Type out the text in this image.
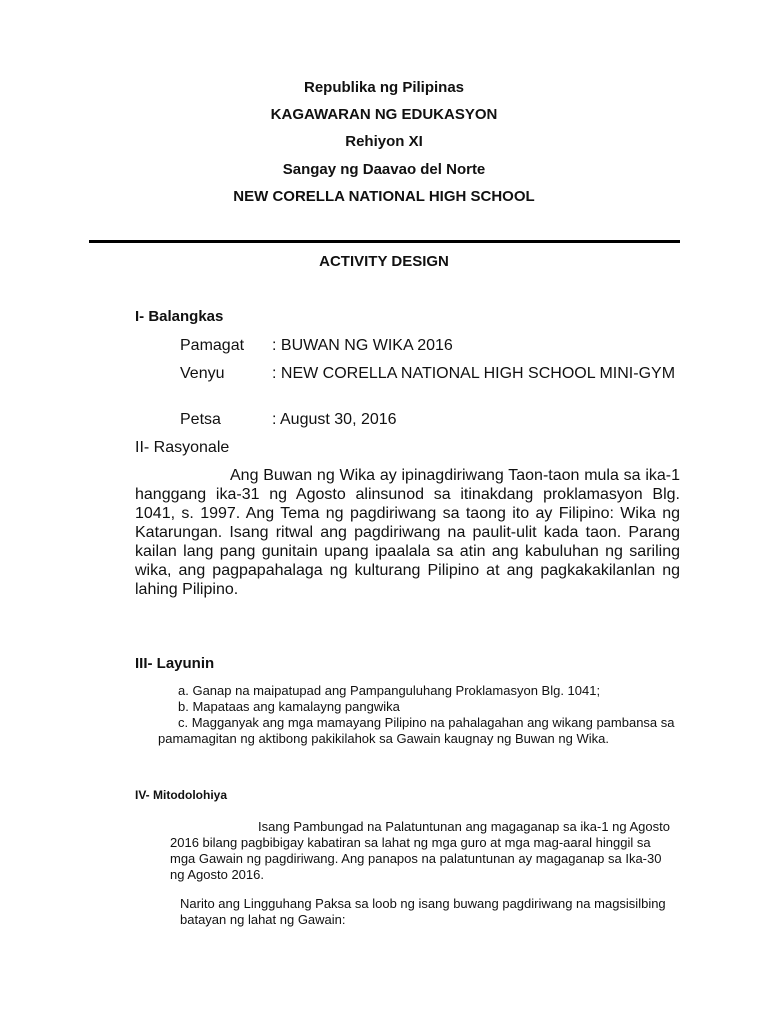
Republika ng Pilipinas
KAGAWARAN NG EDUKASYON
Rehiyon XI
Sangay ng Daavao del Norte
NEW CORELLA NATIONAL HIGH SCHOOL
ACTIVITY DESIGN
I- Balangkas
Pamagat : BUWAN NG WIKA 2016
Venyu	: NEW CORELLA NATIONAL HIGH SCHOOL MINI-GYM
Petsa	: August 30, 2016
II- Rasyonale
Ang Buwan ng Wika ay ipinagdiriwang Taon-taon mula sa ika-1 hanggang ika-31 ng Agosto alinsunod sa itinakdang proklamasyon Blg. 1041, s. 1997. Ang Tema ng pagdiriwang sa taong ito ay Filipino: Wika ng Katarungan. Isang ritwal ang pagdiriwang na paulit-ulit kada taon. Parang kailan lang pang gunitain upang ipaalala sa atin ang kabuluhan ng sariling wika, ang pagpapahalaga ng kulturang Pilipino at ang pagkakakilanlan ng lahing Pilipino.
III- Layunin
a. Ganap na maipatupad ang Pampanguluhang Proklamasyon Blg. 1041;
b. Mapataas ang kamalayng pangwika
c. Magganyak ang mga mamayang Pilipino na pahalagahan ang wikang pambansa sa pamamagitan ng aktibong pakikilahok sa Gawain kaugnay ng Buwan ng Wika.
IV- Mitodolohiya
Isang Pambungad na Palatuntunan ang magaganap sa ika-1 ng Agosto 2016 bilang pagbibigay kabatiran sa lahat ng mga guro at mga mag-aaral hinggil sa mga Gawain ng pagdiriwang. Ang panapos na palatuntunan ay magaganap sa Ika-30 ng Agosto 2016.
Narito ang Lingguhang Paksa sa loob ng isang buwang pagdiriwang na magsisilbing batayan ng lahat ng Gawain:
